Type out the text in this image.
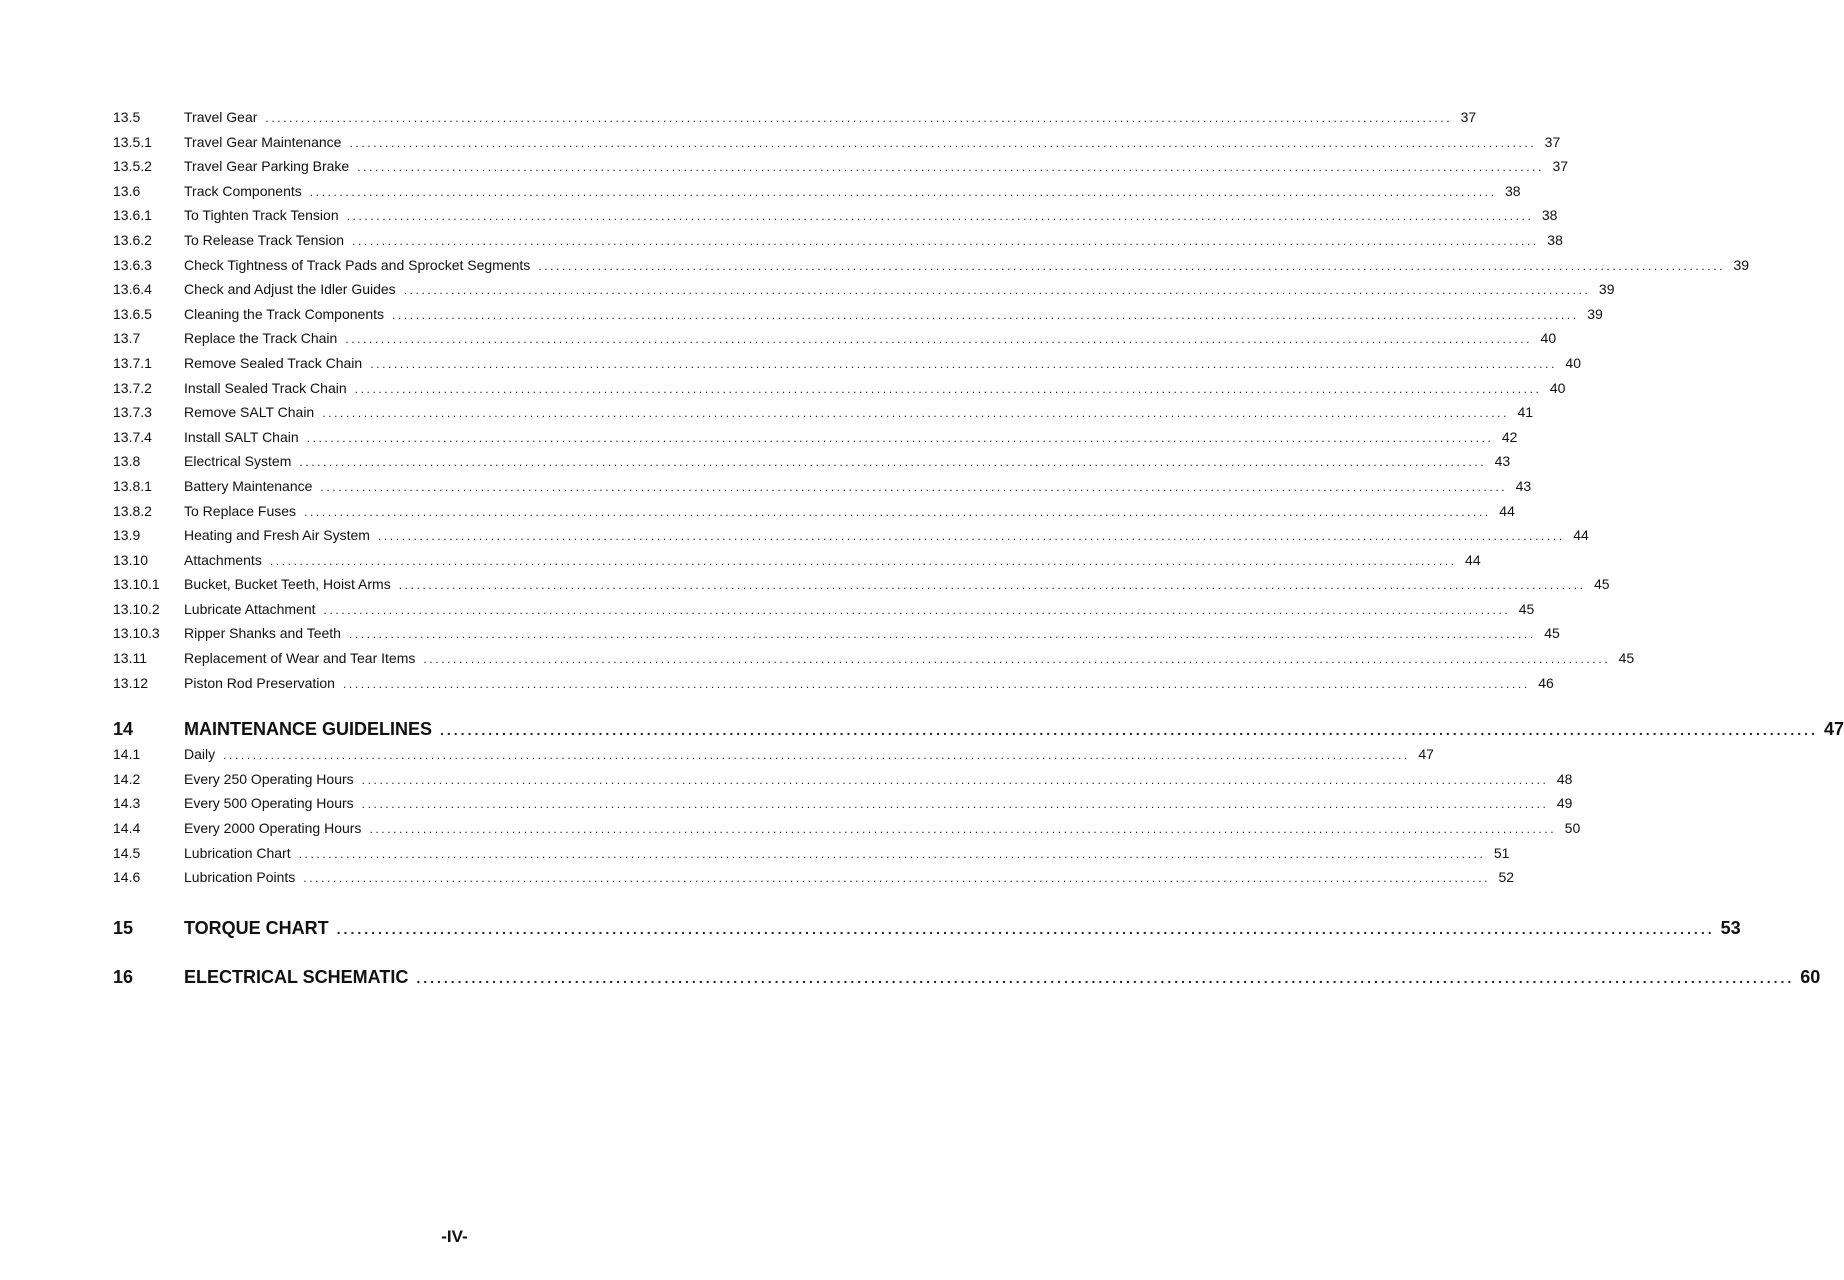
13.5	Travel Gear ........................................................................................................................................................................................................ 37
13.5.1	Travel Gear Maintenance ........................................................................................................................................................................................................ 37
13.5.2	Travel Gear Parking Brake ........................................................................................................................................................................................................ 37
13.6	Track Components ........................................................................................................................................................................................................ 38
13.6.1	To Tighten Track Tension ........................................................................................................................................................................................................ 38
13.6.2	To Release Track Tension ........................................................................................................................................................................................................ 38
13.6.3	Check Tightness of Track Pads and Sprocket Segments ........................................................................................................................................................................................................ 39
13.6.4	Check and Adjust the Idler Guides ........................................................................................................................................................................................................ 39
13.6.5	Cleaning the Track Components ........................................................................................................................................................................................................ 39
13.7	Replace the Track Chain ........................................................................................................................................................................................................ 40
13.7.1	Remove Sealed Track Chain ........................................................................................................................................................................................................ 40
13.7.2	Install Sealed Track Chain ........................................................................................................................................................................................................ 40
13.7.3	Remove SALT Chain ........................................................................................................................................................................................................ 41
13.7.4	Install SALT Chain ........................................................................................................................................................................................................ 42
13.8	Electrical System ........................................................................................................................................................................................................ 43
13.8.1	Battery Maintenance ........................................................................................................................................................................................................ 43
13.8.2	To Replace Fuses ........................................................................................................................................................................................................ 44
13.9	Heating and Fresh Air System ........................................................................................................................................................................................................ 44
13.10	Attachments ........................................................................................................................................................................................................ 44
13.10.1	Bucket, Bucket Teeth, Hoist Arms ........................................................................................................................................................................................................ 45
13.10.2	Lubricate Attachment ........................................................................................................................................................................................................ 45
13.10.3	Ripper Shanks and Teeth ........................................................................................................................................................................................................ 45
13.11	Replacement of Wear and Tear Items ........................................................................................................................................................................................................ 45
13.12	Piston Rod Preservation ........................................................................................................................................................................................................ 46
14	MAINTENANCE GUIDELINES ........................................................................................................................................................................................................ 47
14.1	Daily ........................................................................................................................................................................................................ 47
14.2	Every 250 Operating Hours ........................................................................................................................................................................................................ 48
14.3	Every 500 Operating Hours ........................................................................................................................................................................................................ 49
14.4	Every 2000 Operating Hours ........................................................................................................................................................................................................ 50
14.5	Lubrication Chart ........................................................................................................................................................................................................ 51
14.6	Lubrication Points ........................................................................................................................................................................................................ 52
15	TORQUE CHART ........................................................................................................................................................................................................ 53
16	ELECTRICAL SCHEMATIC ........................................................................................................................................................................................................ 60
-IV-
